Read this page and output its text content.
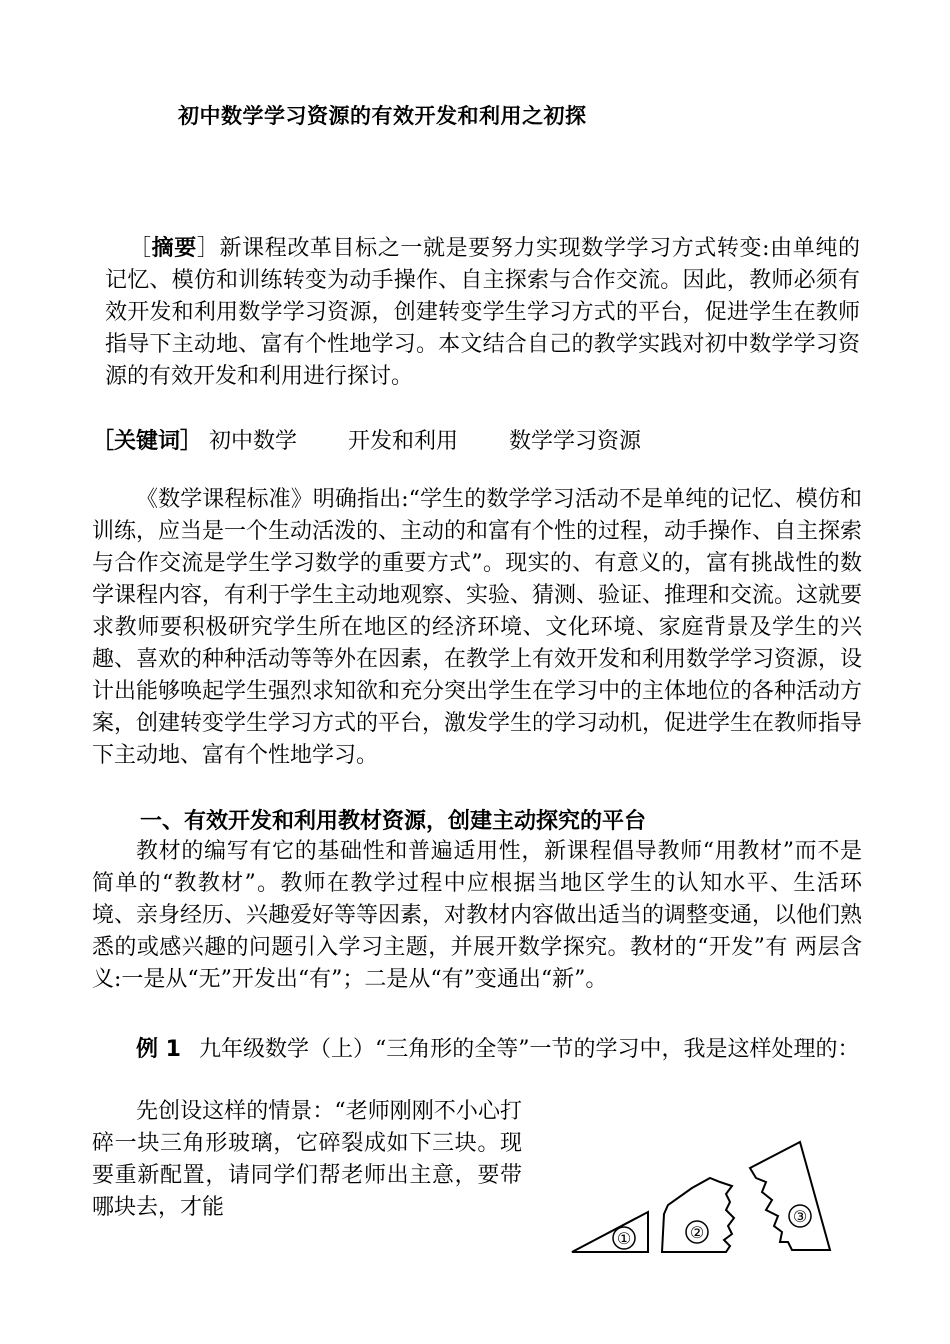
初中数学学习资源的有效开发和利用之初探

［摘要］新课程改革目标之一就是要努力实现数学学习方式转变:由单纯的记忆、模仿和训练转变为动手操作、自主探索与合作交流。因此，教师必须有效开发和利用数学学习资源，创建转变学生学习方式的平台，促进学生在教师指导下主动地、富有个性地学习。本文结合自己的教学实践对初中数学学习资源的有效开发和利用进行探讨。

［关键词］ 初中数学 开发和利用 数学学习资源

《数学课程标准》明确指出:“学生的数学学习活动不是单纯的记忆、模仿和训练，应当是一个生动活泼的、主动的和富有个性的过程，动手操作、自主探索与合作交流是学生学习数学的重要方式”。现实的、有意义的，富有挑战性的数学课程内容，有利于学生主动地观察、实验、猜测、验证、推理和交流。这就要求教师要积极研究学生所在地区的经济环境、文化环境、家庭背景及学生的兴趣、喜欢的种种活动等等外在因素，在教学上有效开发和利用数学学习资源，设计出能够唤起学生强烈求知欲和充分突出学生在学习中的主体地位的各种活动方案，创建转变学生学习方式的平台，激发学生的学习动机，促进学生在教师指导下主动地、富有个性地学习。

一、有效开发和利用教材资源，创建主动探究的平台

教材的编写有它的基础性和普遍适用性，新课程倡导教师“用教材”而不是简单的“教教材”。教师在教学过程中应根据当地区学生的认知水平、生活环境、亲身经历、兴趣爱好等等因素，对教材内容做出适当的调整变通，以他们熟悉的或感兴趣的问题引入学习主题，并展开数学探究。教材的“开发”有 两层含义:一是从“无”开发出“有”；二是从“有”变通出“新”。

例 1 九年级数学（上）“三角形的全等”一节的学习中，我是这样处理的：

先创设这样的情景：“老师刚刚不小心打碎一块三角形玻璃，它碎裂成如下三块。现要重新配置，请同学们帮老师出主意，要带哪块去，才能

①	②
③
